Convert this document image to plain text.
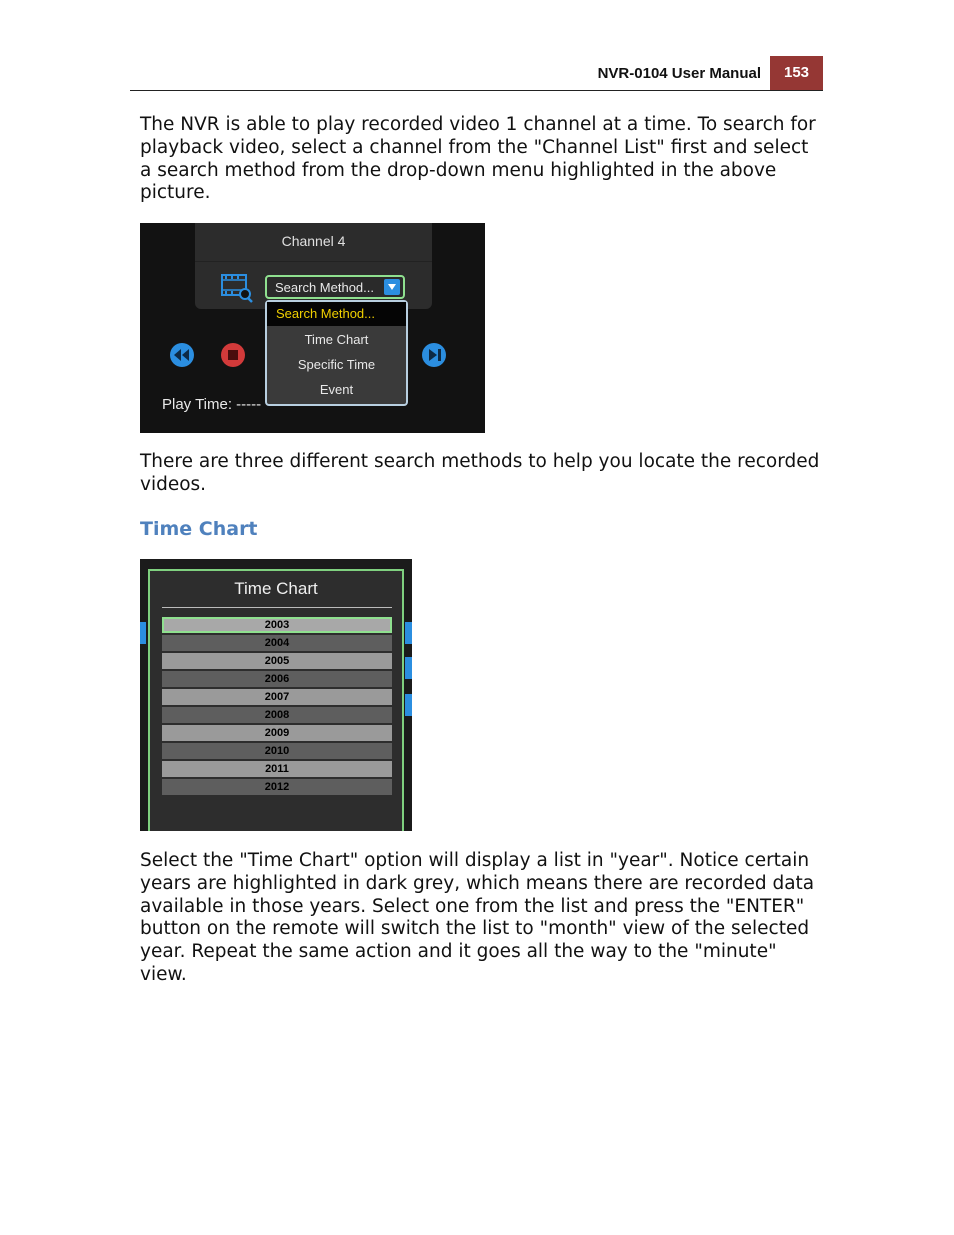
NVR-0104 User Manual	153

The NVR is able to play recorded video 1 channel at a time. To search for playback video, select a channel from the "Channel List" first and select a search method from the drop-down menu highlighted in the above picture.

Channel 4
Search Method...
Search Method...
Time Chart
Specific Time
Event
Play Time: -----

There are three different search methods to help you locate the recorded videos.

Time Chart
Time Chart
2003
2004
2005
2006
2007
2008
2009
2010
2011
2012

Select the "Time Chart" option will display a list in "year". Notice certain years are highlighted in dark grey, which means there are recorded data available in those years. Select one from the list and press the "ENTER" button on the remote will switch the list to "month" view of the selected year. Repeat the same action and it goes all the way to the "minute" view.
